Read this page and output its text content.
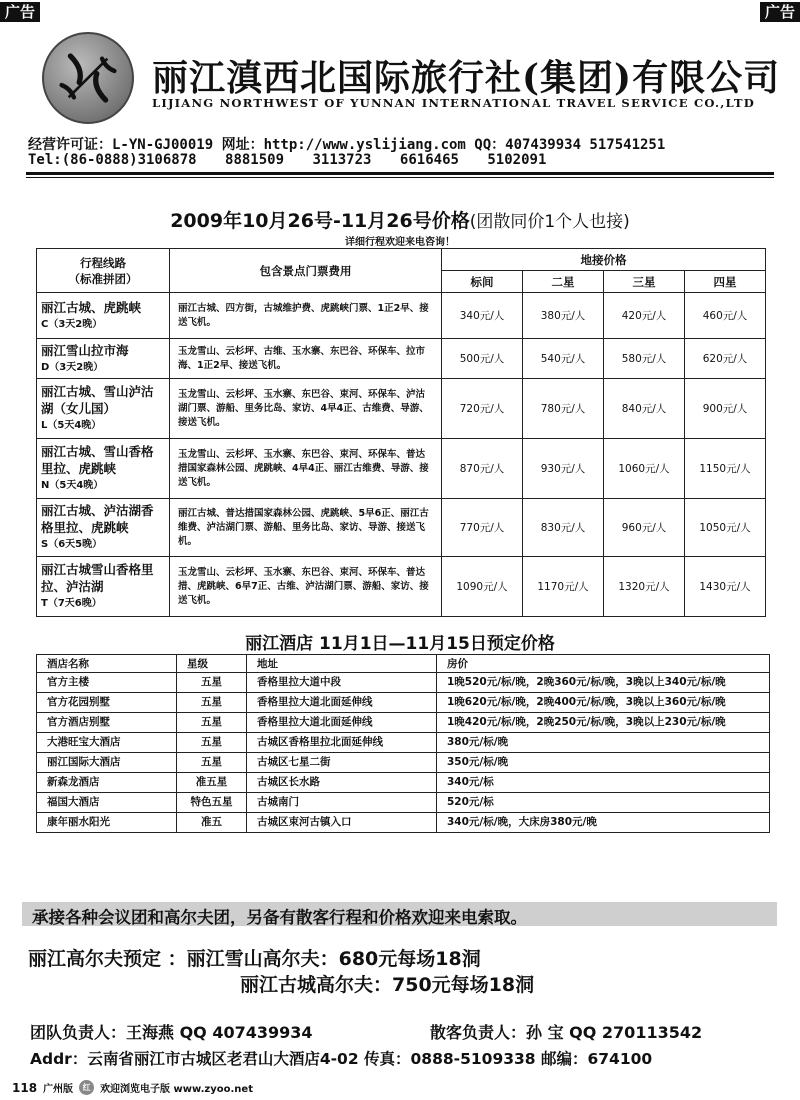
广告	广告
丽江滇西北国际旅行社(集团)有限公司
LIJIANG NORTHWEST OF YUNNAN INTERNATIONAL TRAVEL SERVICE CO.,LTD
经营许可证：L-YN-GJ00019 网址：http://www.yslijiang.com QQ：407439934 517541251
Tel:(86-0888)3106878 8881509 3113723 6616465 5102091
2009年10月26号-11月26号价格(团散同价1个人也接)
详细行程欢迎来电咨询！
行程线路
（标准拼团）	包含景点门票费用	地接价格			
		标间	二星	三星	四星

丽江古城、虎跳峡
C（3天2晚）	丽江古城、四方街，古城维护费、虎跳峡门票、1正2早、接送飞机。	340元/人	380元/人	420元/人	460元/人

丽江雪山拉市海
D（3天2晚）	玉龙雪山、云杉坪、古维、玉水寨、东巴谷、环保车、拉市海、1正2早、接送飞机。	500元/人	540元/人	580元/人	620元/人

丽江古城、雪山泸沽湖（女儿国）
L（5天4晚）	玉龙雪山、云杉坪、玉水寨、东巴谷、束河、环保车、泸沽湖门票、游船、里务比岛、家访、4早4正、古维费、导游、接送飞机。	720元/人	780元/人	840元/人	900元/人

丽江古城、雪山香格里拉、虎跳峡
N（5天4晚）	玉龙雪山、云杉坪、玉水寨、东巴谷、束河、环保车、普达措国家森林公园、虎跳峡、4早4正、丽江古维费、导游、接送飞机。	870元/人	930元/人	1060元/人	1150元/人

丽江古城、泸沽湖香格里拉、虎跳峡
S（6天5晚）	丽江古城、普达措国家森林公园、虎跳峡、5早6正、丽江古维费、泸沽湖门票、游船、里务比岛、家访、导游、接送飞机。	770元/人	830元/人	960元/人	1050元/人

丽江古城雪山香格里拉、泸沽湖
T（7天6晚）	玉龙雪山、云杉坪、玉水寨、东巴谷、束河、环保车、普达措、虎跳峡、6早7正、古维、泸沽湖门票、游船、家访、接送飞机。	1090元/人	1170元/人	1320元/人	1430元/人
丽江酒店 11月1日—11月15日预定价格
酒店名称	星级	地址	房价
官方主楼	五星	香格里拉大道中段	1晚520元/标/晚，2晚360元/标/晚，3晚以上340元/标/晚
官方花园别墅	五星	香格里拉大道北面延伸线	1晚620元/标/晚，2晚400元/标/晚，3晚以上360元/标/晚
官方酒店别墅	五星	香格里拉大道北面延伸线	1晚420元/标/晚，2晚250元/标/晚，3晚以上230元/标/晚
大港旺宝大酒店	五星	古城区香格里拉北面延伸线	380元/标/晚
丽江国际大酒店	五星	古城区七星二街	350元/标/晚
新森龙酒店	准五星	古城区长水路	340元/标
福国大酒店	特色五星	古城南门	520元/标
康年丽水阳光	准五	古城区束河古镇入口	340元/标/晚，大床房380元/晚
承接各种会议团和高尔夫团，另备有散客行程和价格欢迎来电索取。
丽江高尔夫预定 ：丽江雪山高尔夫：680元每场18洞
丽江古城高尔夫：750元每场18洞
团队负责人：王海燕 QQ 407439934	散客负责人：孙 宝 QQ 270113542
Addr：云南省丽江市古城区老君山大酒店4-02 传真：0888-5109338 邮编：674100
118 广州版	红 欢迎浏览电子版 www.zyoo.net
